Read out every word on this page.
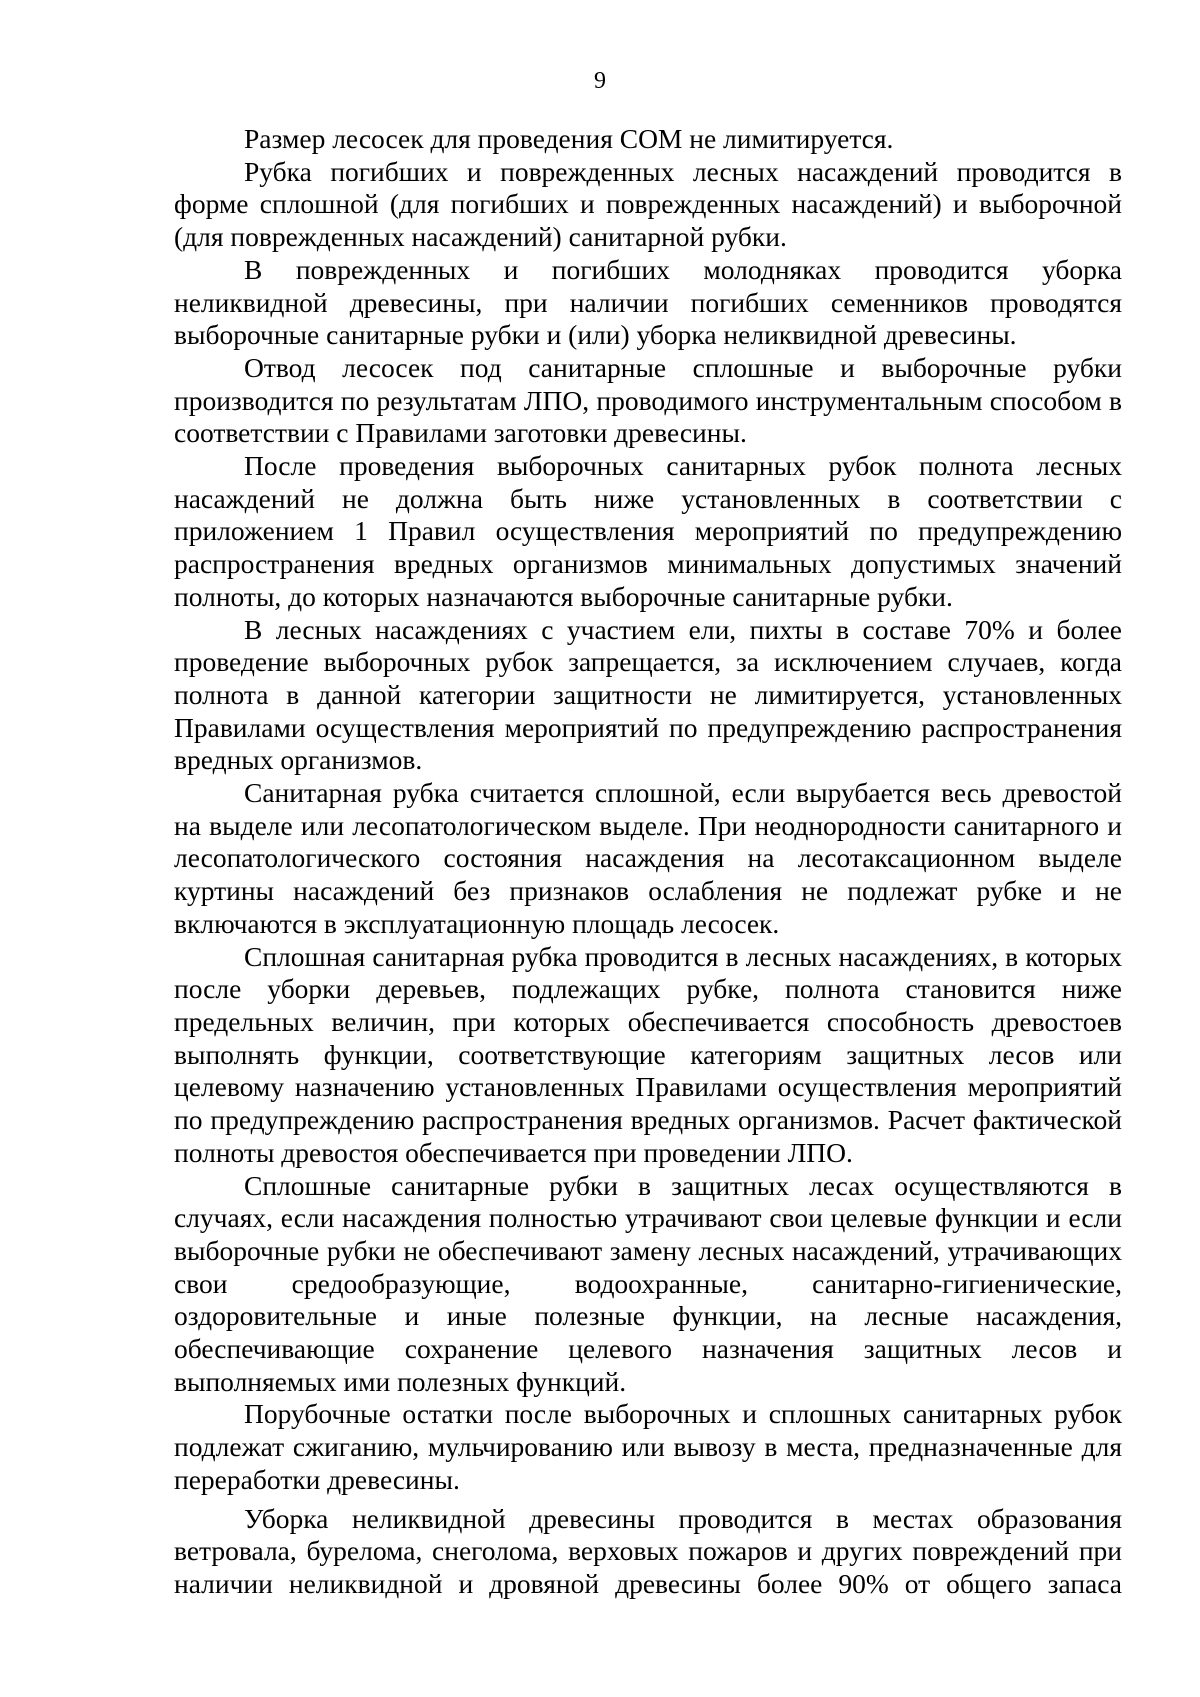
9

Размер лесосек для проведения СОМ не лимитируется.

Рубка погибших и поврежденных лесных насаждений проводится в форме сплошной (для погибших и поврежденных насаждений) и выборочной (для поврежденных насаждений) санитарной рубки.

В поврежденных и погибших молодняках проводится уборка неликвидной древесины, при наличии погибших семенников проводятся выборочные санитарные рубки и (или) уборка неликвидной древесины.

Отвод лесосек под санитарные сплошные и выборочные рубки производится по результатам ЛПО, проводимого инструментальным способом в соответствии с Правилами заготовки древесины.

После проведения выборочных санитарных рубок полнота лесных насаждений не должна быть ниже установленных в соответствии с приложением 1 Правил осуществления мероприятий по предупреждению распространения вредных организмов минимальных допустимых значений полноты, до которых назначаются выборочные санитарные рубки.

В лесных насаждениях с участием ели, пихты в составе 70% и более проведение выборочных рубок запрещается, за исключением случаев, когда полнота в данной категории защитности не лимитируется, установленных Правилами осуществления мероприятий по предупреждению распространения вредных организмов.

Санитарная рубка считается сплошной, если вырубается весь древостой на выделе или лесопатологическом выделе. При неоднородности санитарного и лесопатологического состояния насаждения на лесотаксационном выделе куртины насаждений без признаков ослабления не подлежат рубке и не включаются в эксплуатационную площадь лесосек.

Сплошная санитарная рубка проводится в лесных насаждениях, в которых после уборки деревьев, подлежащих рубке, полнота становится ниже предельных величин, при которых обеспечивается способность древостоев выполнять функции, соответствующие категориям защитных лесов или целевому назначению установленных Правилами осуществления мероприятий по предупреждению распространения вредных организмов. Расчет фактической полноты древостоя обеспечивается при проведении ЛПО.

Сплошные санитарные рубки в защитных лесах осуществляются в случаях, если насаждения полностью утрачивают свои целевые функции и если выборочные рубки не обеспечивают замену лесных насаждений, утрачивающих свои средообразующие, водоохранные, санитарно-гигиенические, оздоровительные и иные полезные функции, на лесные насаждения, обеспечивающие сохранение целевого назначения защитных лесов и выполняемых ими полезных функций.

Порубочные остатки после выборочных и сплошных санитарных рубок подлежат сжиганию, мульчированию или вывозу в места, предназначенные для переработки древесины.

Уборка неликвидной древесины проводится в местах образования ветровала, бурелома, снеголома, верховых пожаров и других повреждений при наличии неликвидной и дровяной древесины более 90% от общего запаса
